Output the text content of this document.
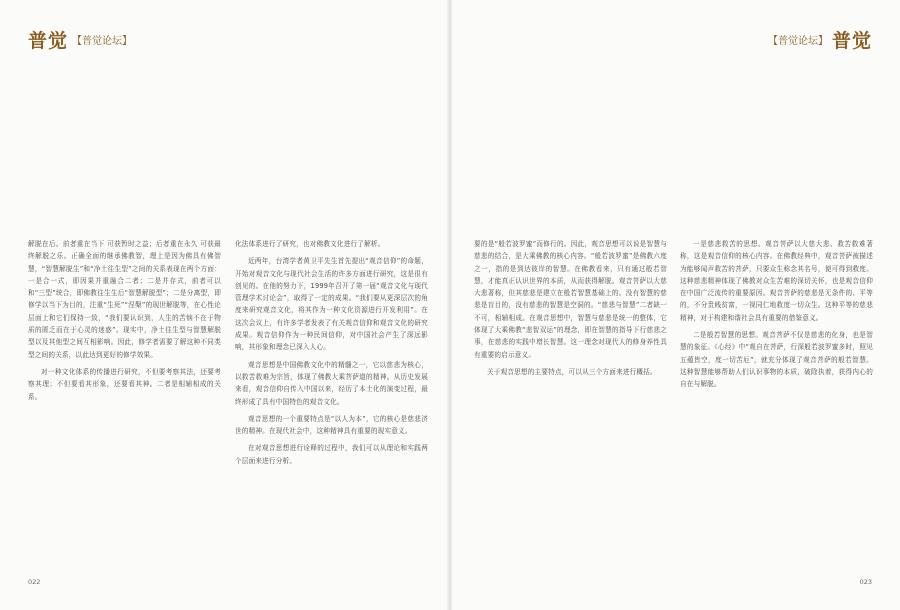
普觉 【普觉论坛】

解脱在后。前者重在当下 可获暂时之益；后者重在永久 可获最终解脱之乐。正确全面的继承佛教智，理上是因为佛具有佛智慧，“智慧解脱生”和“净土往生型”之间的关系表现在两个方面：一是合一式，即因果并重融合二者；二是并存式，前者可以和“三型”统合，即佛教往生生后“智慧解脱型”；二是分离型，即修学以当下为目的，注重“生死”“涅槃”的现世解脱等，在心性论层面上和它们保持一致，“我们要认识到，人生的苦恼不在于物质的匮乏而在于心灵的迷惑”。现实中，净土往生型与智慧解脱型以及其他型之间互相影响。因此，修学者需要了解这种不同类型之间的关系，以此达到更好的修学效果。

对一种文化体系的传播进行研究，不但要考察其法，还要考察其理；不但要看其形象，还要看其神。二者是相辅相成的关系。

化法体系进行了研究，也对佛教文化进行了解析。

近两年，台湾学者黄卫平先生首先提出“观音信仰”的命题，开始对观音文化与现代社会生活的许多方面进行研究，这是很有创见的。在他的努力下，1999年召开了第一届“观音文化与现代管理学术讨论会”，取得了一定的成果。“我们要从更深层次的角度来研究观音文化，将其作为一种文化资源进行开发利用”。在这次会议上，有许多学者发表了有关观音信仰和观音文化的研究成果。观音信仰作为一种民间信仰，对中国社会产生了深远影响，其形象和理念已深入人心。

观音思想是中国佛教文化中的精髓之一，它以慈悲为核心，以救苦救难为宗旨，体现了佛教大乘菩萨道的精神。从历史发展来看，观音信仰自传入中国以来，经历了本土化的演变过程，最终形成了具有中国特色的观音文化。

观音思想的一个重要特点是“以人为本”，它的核心是慈悲济世的精神。在现代社会中，这种精神具有重要的现实意义。

在对观音思想进行诠释的过程中，我们可以从理论和实践两个层面来进行分析。

022
【普觉论坛】 普觉

要的是“般若波罗蜜”而修行的。因此，观音思想可以说是智慧与慈悲的结合，是大乘佛教的核心内容。“般若波罗蜜”是佛教六度之一，指的是到达彼岸的智慧。在佛教看来，只有通过般若智慧，才能真正认识世界的本质，从而获得解脱。观音菩萨以大慈大悲著称，但其慈悲是建立在般若智慧基础上的。没有智慧的慈悲是盲目的，没有慈悲的智慧是空洞的。“慈悲与智慧”二者缺一不可，相辅相成。在观音思想中，智慧与慈悲是统一的整体，它体现了大乘佛教“悲智双运”的理念，即在智慧的指导下行慈悲之事，在慈悲的实践中增长智慧。这一理念对现代人的修身养性具有重要的启示意义。

关于观音思想的主要特点，可以从三个方面来进行概括。

一是慈悲救苦的思想。观音菩萨以大慈大悲、救苦救难著称，这是观音信仰的核心内容。在佛教经典中，观音菩萨被描述为能够闻声救苦的菩萨，只要众生称念其名号，便可得到救度。这种慈悲精神体现了佛教对众生苦难的深切关怀，也是观音信仰在中国广泛流传的重要原因。观音菩萨的慈悲是无条件的、平等的，不分贵贱贫富，一视同仁地救度一切众生。这种平等的慈悲精神，对于构建和谐社会具有重要的借鉴意义。

二是般若智慧的思想。观音菩萨不仅是慈悲的化身，也是智慧的象征。《心经》中“观自在菩萨，行深般若波罗蜜多时，照见五蕴皆空，度一切苦厄”，就充分体现了观音菩萨的般若智慧。这种智慧能够帮助人们认识事物的本质，破除执着，获得内心的自在与解脱。

023
